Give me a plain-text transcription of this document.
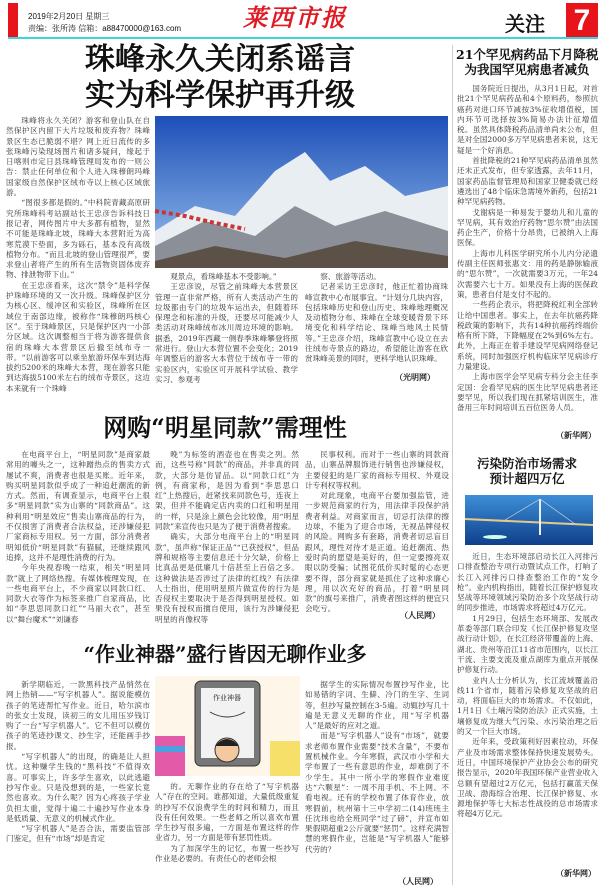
2019年2月20日 星期三
责编：张所涛 信箱：a88470000@163.com	莱西市报	关注 7
珠峰永久关闭系谣言
实为科学保护再升级

珠峰将永久关闭？游客和登山队在自然保护区内留下大片垃圾和废弃物？珠峰景区生态已脆弱不堪？网上近日流传的多张珠峰污染现场图片和诸多疑问，缘起于日喀则市定日县珠峰管理局发布的一则公告：禁止任何单位和个人进入珠穆朗玛峰国家级自然保护区绒布寺以上核心区域旅游。

“图很多都是假的。”中科院青藏高原研究所珠峰科考站副站长王忠彦告诉科技日报记者，网传图片中大多都有植物，显然不可能是珠峰北坡，珠峰大本营附近为高寒荒漠下垫面，多为砾石，基本没有高级植物分布。“而且北坡的登山管理很严，要求登山者将产生的所有生活物资固体废弃物、排泄物带下山。”

在王忠彦看来，这次“禁令”是科学保护珠峰环境的又一次升级。珠峰保护区分为核心区、缓冲区和实验区，珠峰所在区域位于南部边缘，被称作“珠穆朗玛核心区”。至于珠峰景区，只是保护区内一小部分区域。这次调整相当于将为游客提供食宿的珠峰大本营景区后撤至绒布寺一带。“以前游客可以乘坐旅游环保车到达海拔约5200米的珠峰大本营，现在游客只能到达海拔5100米左右的绒布寺景区，这边本来就有一个珠峰

观景点，看珠峰基本不受影响。”

王忠彦说，尽管之前珠峰大本营景区管理一直非常严格，所有人类活动产生的垃圾都由专门的垃圾车运出去，但随着环保理念和标准的升级，还要尽可能减少人类活动对珠峰绒布冰川周边环境的影响。据悉，2019年西藏一侧春季珠峰攀登将照常进行。登山大本营位置不会变化；2019年调整后的游客大本营位于绒布寺一带的实验区内，实验区可开展科学试验、教学实习、参观考

察、旅游等活动。

记者采访王忠彦时，他正忙着协商珠峰宣教中心布展事宜。“计划分几块内容，包括珠峰历史和登山历史、珠峰地理概况及动植物分布、珠峰在全球变暖背景下环境变化和科学结论、珠峰当地风土民情等。”王忠彦介绍，珠峰宣教中心设立在去往绒布寺景点的路边，希望能让游客在欣赏珠峰美景的同时，更科学地认识珠峰。

（光明网）
网购“明星同款”需理性

在电商平台上，“明星同款”是商家最常用的噱头之一，这种蹭热点的售卖方式屡试不爽，消费者也很是买账。近年来，购买明星同款似乎成了一种追赶潮流的新方式。然而，有调查显示，电商平台上很多“明星同款”实为山寨的“同款商品”。这种利用“明星效应”售卖山寨商品的行为，不仅损害了消费者合法权益，还涉嫌侵犯厂家商标专用权。另一方面，部分消费者明知低价“明星同款”有猫腻，还继续跟风追捧，这并不是理性消费的行为。

今年央视春晚一结束，相关“明星同款”就上了网络热搜。有媒体梳理发现，在一些电商平台上，不少商家以同款口红、同款大衣等作为标签来推广自家商品，比如“李思思同款口红”“马丽大衣”，甚至以“舞台魔术”“刘谦春

晚”为标签的酒壶也在售卖之列。然而，这些号称“同款”的商品，并非真的同款，大部分是仿冒品。以“同款口红”为例，有商家称，是因为看到“李思思口红”上热搜后，赶紧找来同款色号，连夜上架，但并不能确定店内卖的口红和明星用的一样，只是涂上颜色会比较像，用“明星同款”来宣传也只是为了便于消费者搜索。

确实，大部分电商平台上的“明星同款”，虽声称“保证正品”“已获授权”，但品牌和规格等主要信息还十分欠缺，价格上比真品更是低廉几十倍甚至上百倍之多。这种做法是否涉过了法律的红线？有法律人士指出，使用明星照片做宣传的行为是否侵权主要取决于是否得到明星授权。如果没有授权而擅自使用，该行为涉嫌侵犯明星的肖像权等

民事权利。而对于一些山寨的同款商品，山寨品牌服饰进行销售也涉嫌侵权，主要侵犯的是厂家的商标专用权、外观设计专利权等权利。

对此现象，电商平台要加强监管，进一步规范商家的行为，用法律手段保护消费者利益。对商家而言，切忌打法律的擦边球，不能为了迎合市场，无视品牌侵权的风险。网购多有套路，消费者切忌盲目跟风，理性对待才是正道。追赶潮流、热爱时尚的愿望是美好的，但一定要擦亮双眼以防受骗；试图花低价买时髦的心态更要不得，部分商家就是抓住了这种求廉心理，用以次充好的商品，打着“明星同款”的旗号来推广，消费者图这样的便宜只会吃亏。

（人民网）
“作业神器”盛行皆因无聊作业多

新学期临近，一款黑科技产品悄然在网上热销——“写字机器人”。据说能模仿孩子的笔迹帮忙写作业。近日，哈尔滨市的张女士发现，读初三的女儿用压岁钱订购了一台“写字机器人”。它不但可以模仿孩子的笔迹抄课文、抄生字，还能画手抄报。

“写字机器人”的出现，的确是让人担忧。这种赚学生钱的“黑科技”不值得欢喜。可事实上，许多学生喜欢，以此逃避抄写作业。只是没想到的是，一些家长竟然也喜欢。为什么呢？因为心疼孩子学业负担太重，觉得十遍二十遍抄写作业本身是低质量、无意义的机械式作业。

“写字机器人”是否合法，需要监管部门鉴定，但有“市场”却是肯定

作业神器

的。无聊作业的存在给了“写字机器人”存在的空间。谁都知道，大量低级重复的抄写不仅浪费学生的时间和精力，而且没有任何效果。一些老师之所以喜欢布置学生抄写很多遍，一方面是布置这样的作业省力，另一方面是带有惩罚性质。

为了加深学生的记忆，布置一些抄写作业是必要的。有责任心的老师会根

据学生的实际情况布置抄写作业，比如易错的字词、生僻、冷门的生字、生词等，但抄写量控制在3-5遍。动辄抄写几十遍是无意义无聊的作业，用“写字机器人”是最好的应对之道。

而是“写字机器人”设有“市场”，就要求老师布置作业需要“技术含量”，不要布置机械作业。今年寒假，武汉市小学和大学布置了一些有意思的作业，却难倒了不少学生。其中一所小学的寒假作业难度达“六颗星”：一周不用手机、不上网、不看电视。还有的学校布置了体育作业，放寒假前，杭州第十三中学初二(14)班班主任沈玮也给全班同学“过了磅”，并宣布如果假期超重2公斤就要“惩罚”。这样充满智慧的寒假作业，岂能是“写字机器人”能够代劳的？

（人民网）
21个罕见病药品下月降税
为我国罕见病患者减负

国务院近日提出，从3月1日起，对首批21个罕见病药品和4个原料药，参照抗癌药对进口环节减按3%征收增值税，国内环节可选择按3%简易办法计征增值税。虽然具体降税药品清单尚未公布，但是对全国2000多万罕见病患者来说，这无疑是一个好消息。

首批降税的21种罕见病药品清单虽然还未正式发布，但专家透露，去年11月，国家药品监督管理局和国家卫健委就已经遴选出了48个临床急需境外新药，包括21种罕见病药物。

戈谢病是一种易发于婴幼儿和儿童的罕见病，其有效治疗药物“思尔赞”由法国药企生产，价格十分昂贵，已被纳入上海医保。

上海市儿科医学研究所小儿内分泌遗传副主任医师张惠文：用的药是静脉输液的“思尔赞”，一次就需要3万元，一年24次需要六七十万。如果没有上海的医保政策，患者自付是支付不起的。

一些药企表示，将把降税红利全部转让给中国患者。事实上，在去年抗癌药降税政策的影响下，共有14种抗癌药终端价格有所下降，下降幅度在2%到6%左右。此外，上海正在着手建设罕见病网络登记系统，同时加强医疗机构临床罕见病诊疗力量建设。

上海市医学会罕见病专科分会主任李定国：会看罕见病的医生比罕见病患者还要罕见，所以我们现在抓紧培训医生，准备用三年时间培训五百位医务人员。

（新华网）
污染防治市场需求
预计超四万亿

近日，生态环境部启动长江入河排污口排查整治专项行动暨试点工作，打响了长江入河排污口排查整治工作的“发令枪”。业内机构指出，随着长江保护修复攻坚战等环境领域污染防治多个攻坚战行动的同步推进，市场需求将超过4万亿元。

1月29日，包括生态环境部、发展改革委等部门联合印发《长江保护修复攻坚战行动计划》，在长江经济带覆盖的上海、湖北、贵州等沿江11省市范围内，以长江干流、主要支流及重点湖库为重点开展保护修复行动。

业内人士分析认为，长江流域覆盖沿线11个省市，随着污染修复攻坚战的启动，将面临巨大的市场需求。不仅如此，1月1日《土壤污染防治法》正式实施，土壤修复成为继大气污染、水污染治理之后的又一个巨大市场。

近年来，受政策利好因素拉动，环保产业及市场需求整体保持快速发展势头。近日，中国环境保护产业协会公布的研究报告显示，2020年我国环保产业营业收入总额有望超过2万亿元，包括打赢蓝天保卫战、渤海综合治理、长江保护修复、水源地保护等七大标志性战役的总市场需求将超4万亿元。

（新华网）
